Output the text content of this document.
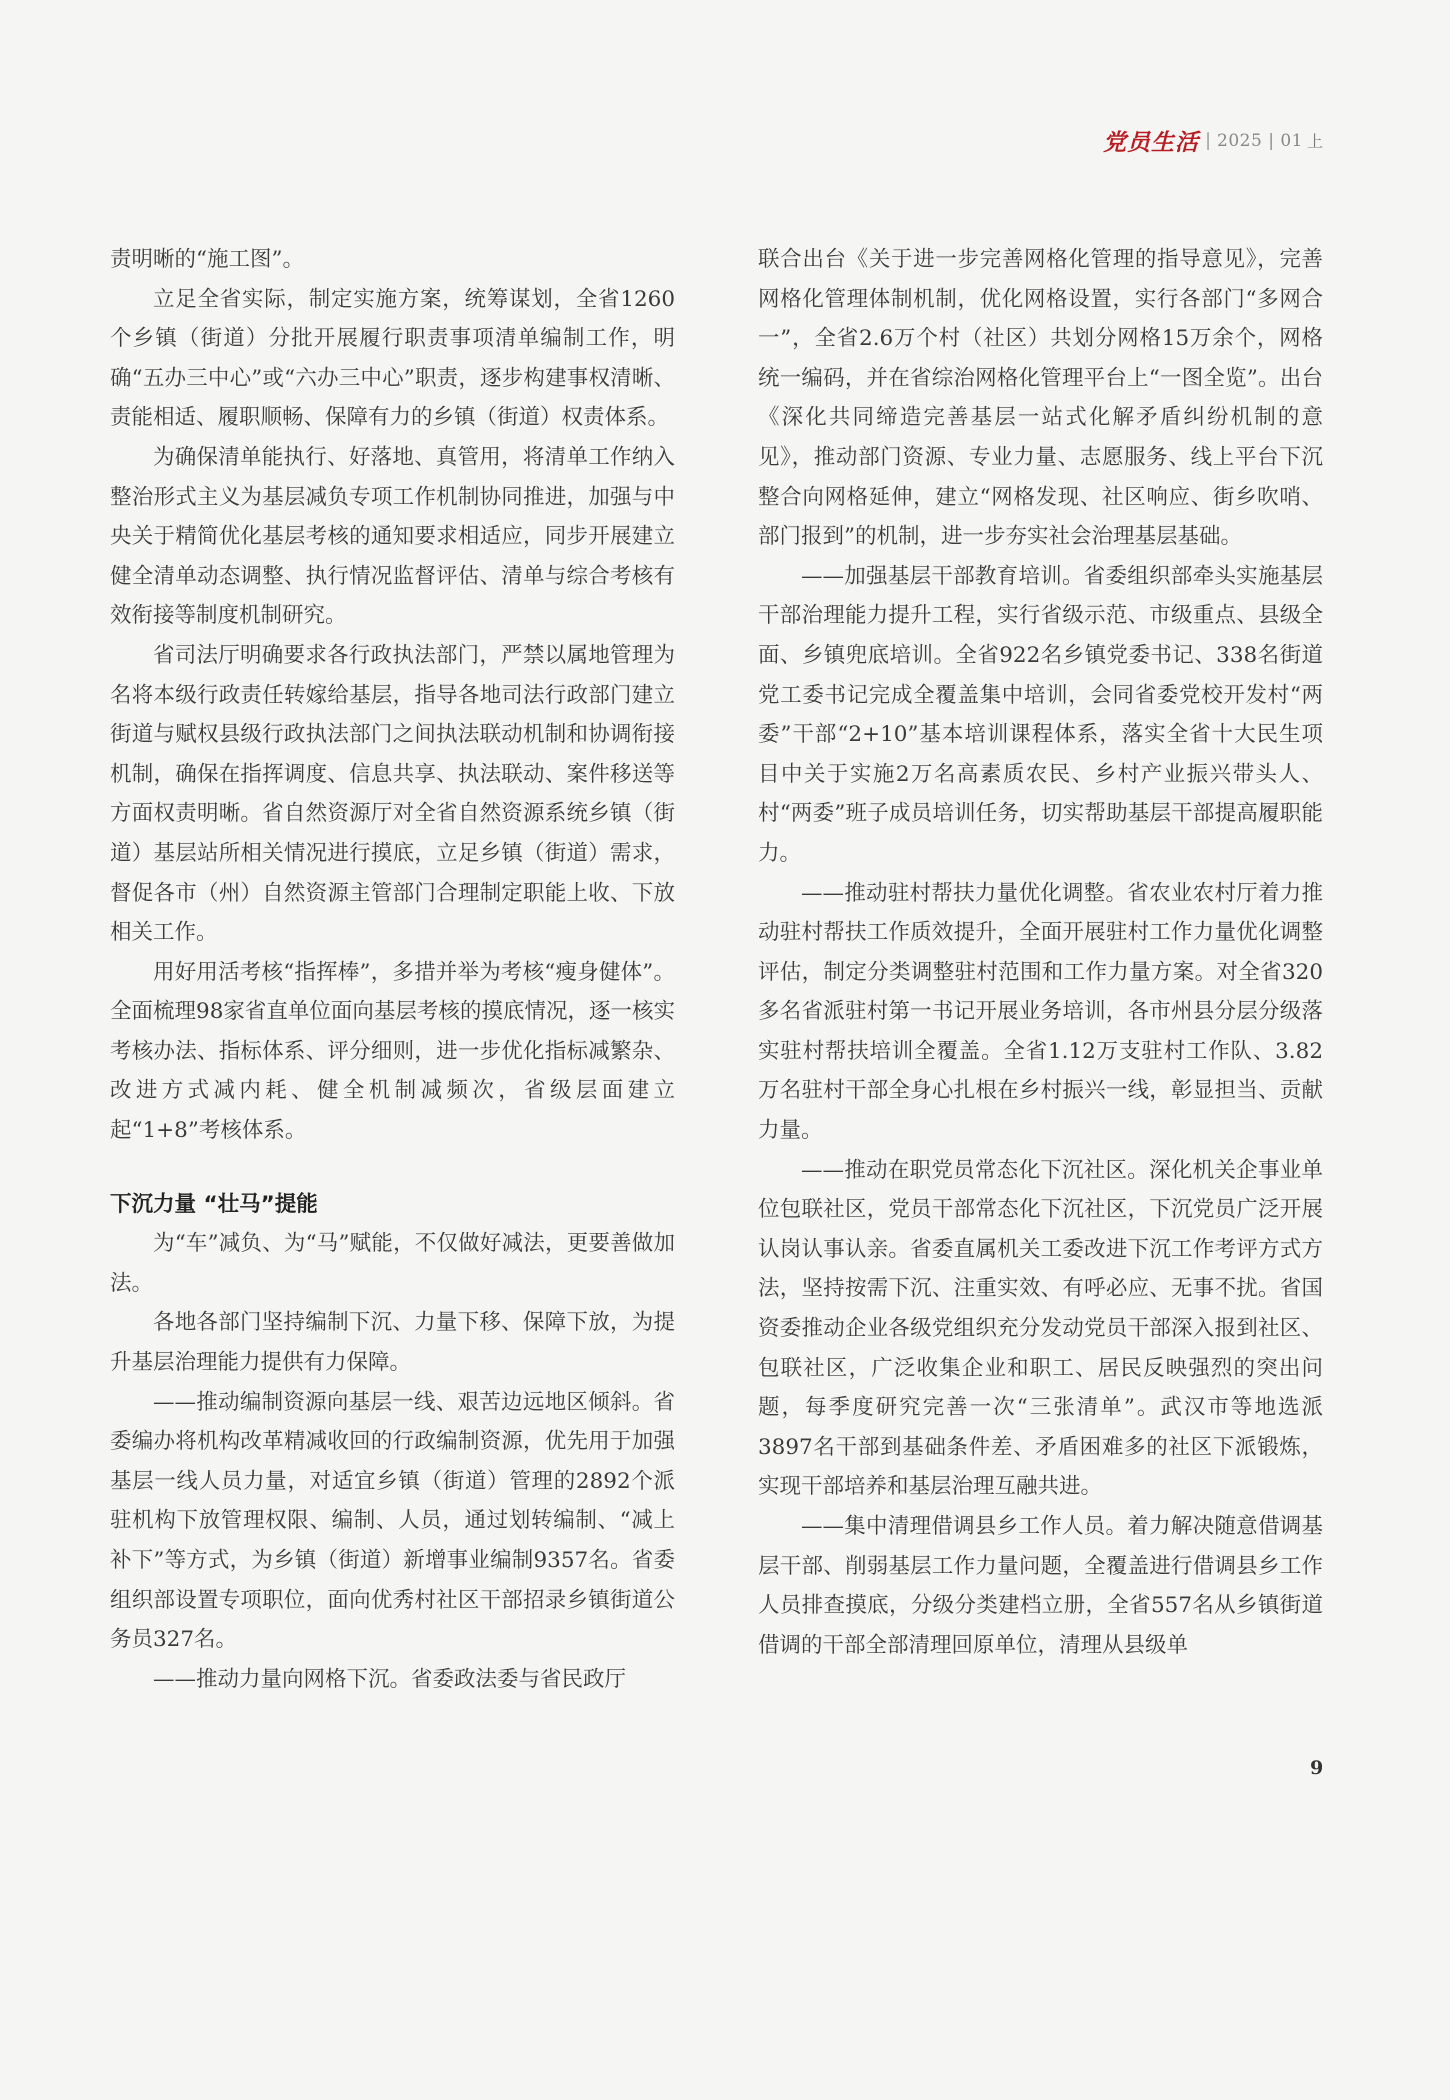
党员生活 | 2025 | 01 上

责明晰的“施工图”。

立足全省实际，制定实施方案，统筹谋划，全省1260个乡镇（街道）分批开展履行职责事项清单编制工作，明确“五办三中心”或“六办三中心”职责，逐步构建事权清晰、责能相适、履职顺畅、保障有力的乡镇（街道）权责体系。

为确保清单能执行、好落地、真管用，将清单工作纳入整治形式主义为基层减负专项工作机制协同推进，加强与中央关于精简优化基层考核的通知要求相适应，同步开展建立健全清单动态调整、执行情况监督评估、清单与综合考核有效衔接等制度机制研究。

省司法厅明确要求各行政执法部门，严禁以属地管理为名将本级行政责任转嫁给基层，指导各地司法行政部门建立街道与赋权县级行政执法部门之间执法联动机制和协调衔接机制，确保在指挥调度、信息共享、执法联动、案件移送等方面权责明晰。省自然资源厅对全省自然资源系统乡镇（街道）基层站所相关情况进行摸底，立足乡镇（街道）需求，督促各市（州）自然资源主管部门合理制定职能上收、下放相关工作。

用好用活考核“指挥棒”，多措并举为考核“瘦身健体”。全面梳理98家省直单位面向基层考核的摸底情况，逐一核实考核办法、指标体系、评分细则，进一步优化指标减繁杂、改进方式减内耗、健全机制减频次，省级层面建立起“1+8”考核体系。

下沉力量 “壮马”提能

为“车”减负、为“马”赋能，不仅做好减法，更要善做加法。

各地各部门坚持编制下沉、力量下移、保障下放，为提升基层治理能力提供有力保障。

——推动编制资源向基层一线、艰苦边远地区倾斜。省委编办将机构改革精减收回的行政编制资源，优先用于加强基层一线人员力量，对适宜乡镇（街道）管理的2892个派驻机构下放管理权限、编制、人员，通过划转编制、“减上补下”等方式，为乡镇（街道）新增事业编制9357名。省委组织部设置专项职位，面向优秀村社区干部招录乡镇街道公务员327名。

——推动力量向网格下沉。省委政法委与省民政厅

联合出台《关于进一步完善网格化管理的指导意见》，完善网格化管理体制机制，优化网格设置，实行各部门“多网合一”，全省2.6万个村（社区）共划分网格15万余个，网格统一编码，并在省综治网格化管理平台上“一图全览”。出台《深化共同缔造完善基层一站式化解矛盾纠纷机制的意见》，推动部门资源、专业力量、志愿服务、线上平台下沉整合向网格延伸，建立“网格发现、社区响应、街乡吹哨、部门报到”的机制，进一步夯实社会治理基层基础。

——加强基层干部教育培训。省委组织部牵头实施基层干部治理能力提升工程，实行省级示范、市级重点、县级全面、乡镇兜底培训。全省922名乡镇党委书记、338名街道党工委书记完成全覆盖集中培训，会同省委党校开发村“两委”干部“2+10”基本培训课程体系，落实全省十大民生项目中关于实施2万名高素质农民、乡村产业振兴带头人、村“两委”班子成员培训任务，切实帮助基层干部提高履职能力。

——推动驻村帮扶力量优化调整。省农业农村厅着力推动驻村帮扶工作质效提升，全面开展驻村工作力量优化调整评估，制定分类调整驻村范围和工作力量方案。对全省320多名省派驻村第一书记开展业务培训，各市州县分层分级落实驻村帮扶培训全覆盖。全省1.12万支驻村工作队、3.82万名驻村干部全身心扎根在乡村振兴一线，彰显担当、贡献力量。

——推动在职党员常态化下沉社区。深化机关企事业单位包联社区，党员干部常态化下沉社区，下沉党员广泛开展认岗认事认亲。省委直属机关工委改进下沉工作考评方式方法，坚持按需下沉、注重实效、有呼必应、无事不扰。省国资委推动企业各级党组织充分发动党员干部深入报到社区、包联社区，广泛收集企业和职工、居民反映强烈的突出问题，每季度研究完善一次“三张清单”。武汉市等地选派3897名干部到基础条件差、矛盾困难多的社区下派锻炼，实现干部培养和基层治理互融共进。

——集中清理借调县乡工作人员。着力解决随意借调基层干部、削弱基层工作力量问题，全覆盖进行借调县乡工作人员排查摸底，分级分类建档立册，全省557名从乡镇街道借调的干部全部清理回原单位，清理从县级单

9
